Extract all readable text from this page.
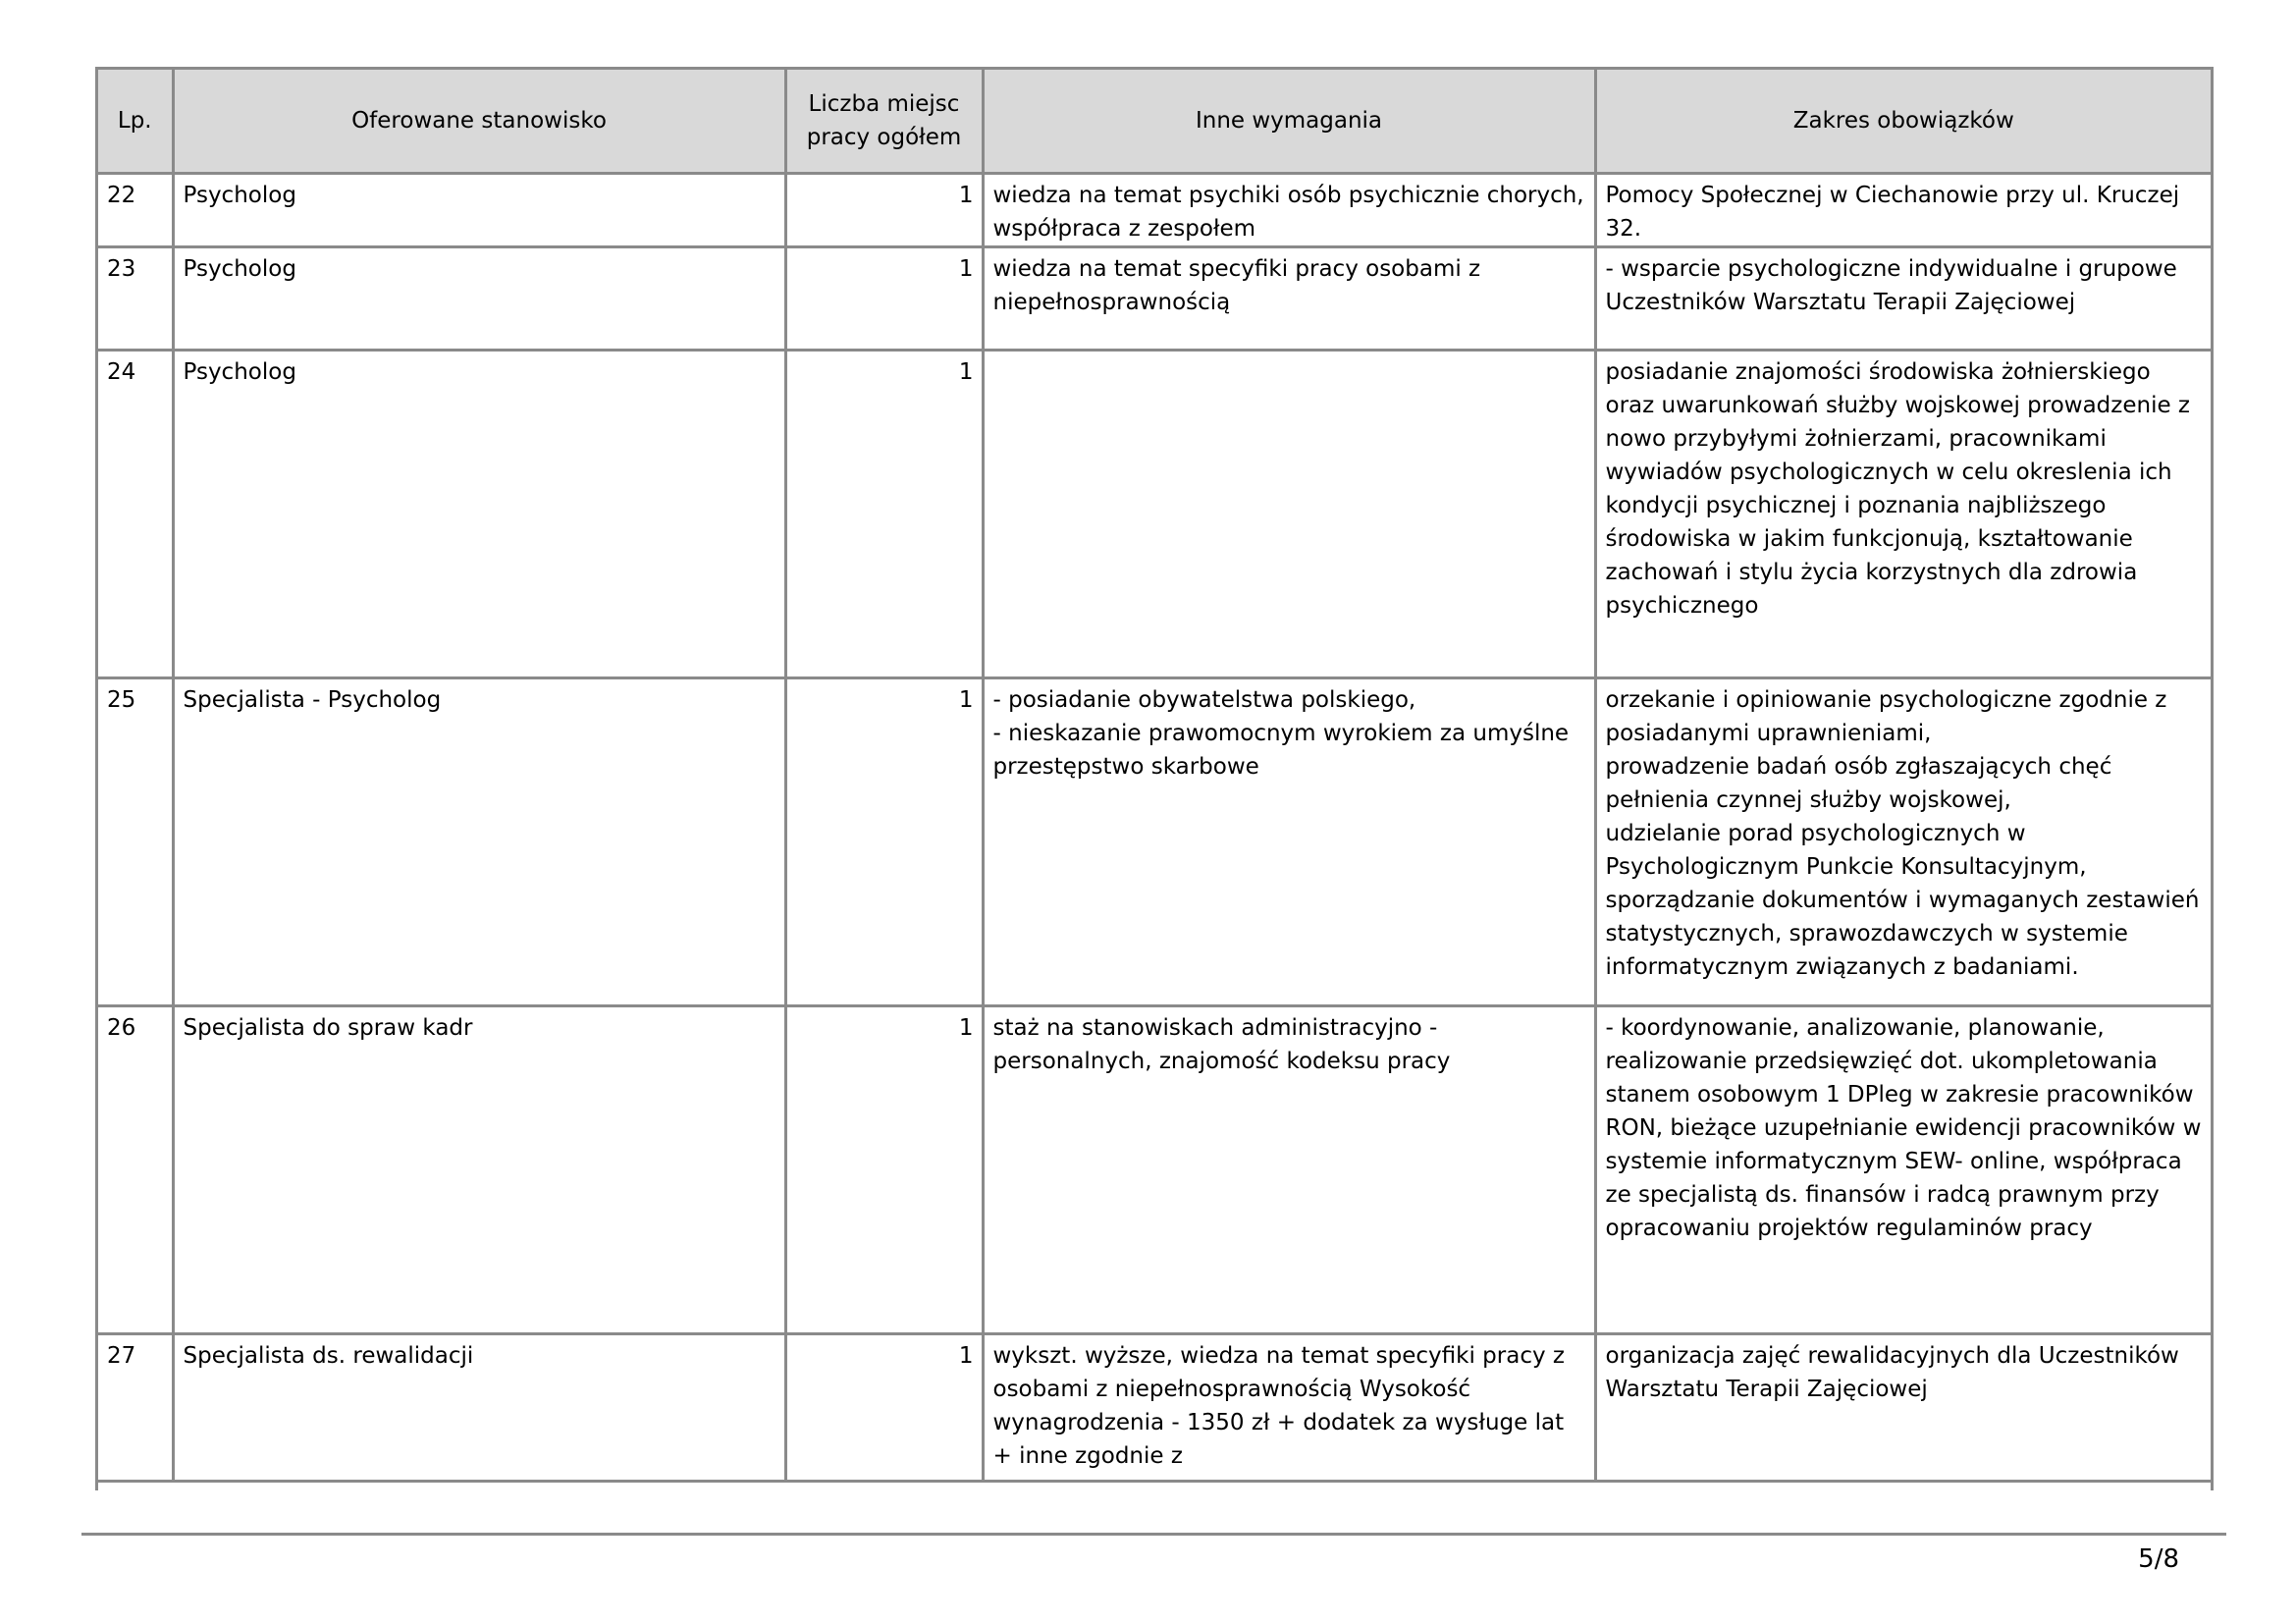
Lp.	Oferowane stanowisko	Liczba miejsc pracy ogółem	Inne wymagania	Zakres obowiązków
22	Psycholog	1	wiedza na temat psychiki osób psychicznie chorych, współpraca z zespołem	Pomocy Społecznej w Ciechanowie przy ul. Kruczej 32.
23	Psycholog	1	wiedza na temat specyfiki pracy osobami z niepełnosprawnością	- wsparcie psychologiczne indywidualne i grupowe Uczestników Warsztatu Terapii Zajęciowej
24	Psycholog	1		posiadanie znajomości środowiska żołnierskiego oraz uwarunkowań służby wojskowej prowadzenie z nowo przybyłymi żołnierzami, pracownikami wywiadów psychologicznych w celu okreslenia ich kondycji psychicznej i poznania najbliższego środowiska w jakim funkcjonują, kształtowanie zachowań i stylu życia korzystnych dla zdrowia psychicznego
25	Specjalista - Psycholog	1	- posiadanie obywatelstwa polskiego,
- nieskazanie prawomocnym wyrokiem za umyślne przestępstwo skarbowe	orzekanie i opiniowanie psychologiczne zgodnie z posiadanymi uprawnieniami,
prowadzenie badań osób zgłaszających chęć pełnienia czynnej służby wojskowej,
udzielanie porad psychologicznych w Psychologicznym Punkcie Konsultacyjnym,
sporządzanie dokumentów i wymaganych zestawień statystycznych, sprawozdawczych w systemie informatycznym związanych z badaniami.
26	Specjalista do spraw kadr	1	staż na stanowiskach administracyjno - personalnych, znajomość kodeksu pracy	- koordynowanie, analizowanie, planowanie, realizowanie przedsięwzięć dot. ukompletowania stanem osobowym 1 DPleg w zakresie pracowników RON, bieżące uzupełnianie ewidencji pracowników w systemie informatycznym SEW- online, współpraca ze specjalistą ds. finansów i radcą prawnym przy opracowaniu projektów regulaminów pracy
27	Specjalista ds. rewalidacji	1	wykszt. wyższe, wiedza na temat specyfiki pracy z osobami z niepełnosprawnością Wysokość wynagrodzenia - 1350 zł + dodatek za wysługe lat + inne zgodnie z	organizacja zajęć rewalidacyjnych dla Uczestników Warsztatu Terapii Zajęciowej
5/8
